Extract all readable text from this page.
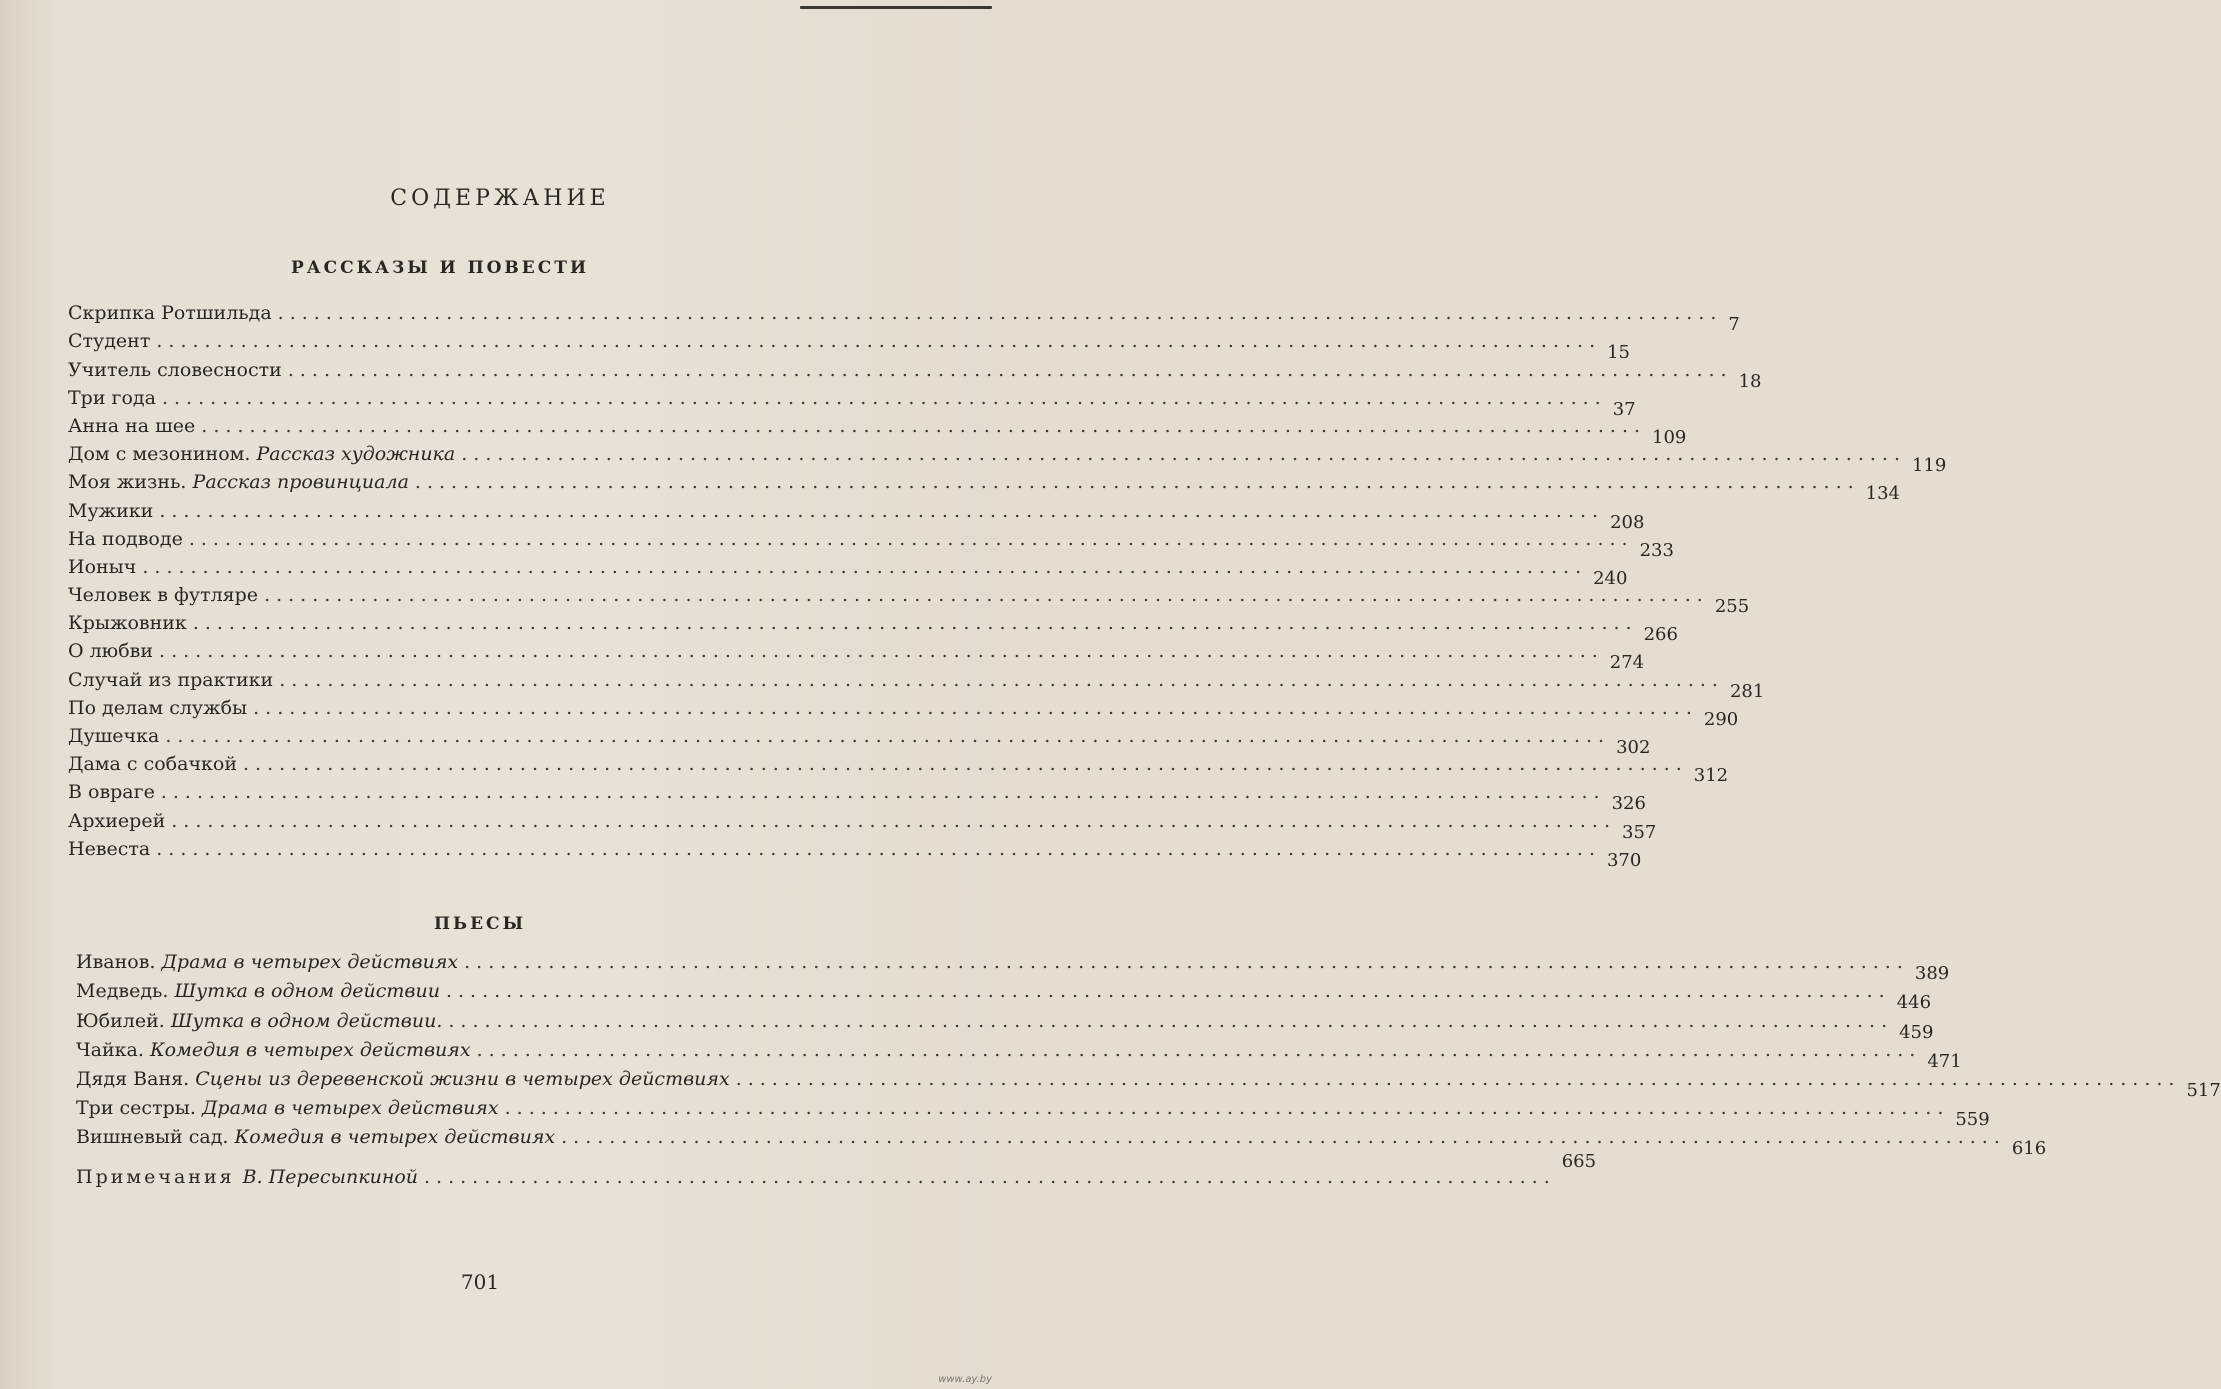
СОДЕРЖАНИЕ
РАССКАЗЫ И ПОВЕСТИ
Скрипка Ротшильда ........................................................................................................................
7
Студент ........................................................................................................................
15
Учитель словесности ........................................................................................................................
18
Три года ........................................................................................................................
37
Анна на шее ........................................................................................................................
109
Дом с мезонином. Рассказ художника ........................................................................................................................
119
Моя жизнь. Рассказ провинциала ........................................................................................................................
134
Мужики ........................................................................................................................
208
На подводе ........................................................................................................................
233
Ионыч ........................................................................................................................
240
Человек в футляре ........................................................................................................................
255
Крыжовник ........................................................................................................................
266
О любви ........................................................................................................................
274
Случай из практики ........................................................................................................................
281
По делам службы ........................................................................................................................
290
Душечка ........................................................................................................................
302
Дама с собачкой ........................................................................................................................
312
В овраге ........................................................................................................................
326
Архиерей ........................................................................................................................
357
Невеста ........................................................................................................................
370
ПЬЕСЫ
Иванов. Драма в четырех действиях ........................................................................................................................
389
Медведь. Шутка в одном действии ........................................................................................................................
446
Юбилей. Шутка в одном действии. ........................................................................................................................
459
Чайка. Комедия в четырех действиях ........................................................................................................................
471
Дядя Ваня. Сцены из деревенской жизни в четырех действиях ........................................................................................................................
517
Три сестры. Драма в четырех действиях ........................................................................................................................
559
Вишневый сад. Комедия в четырех действиях ........................................................................................................................
616
Примечания В. Пересыпкиной ..............................................................................................
665
701
www.ay.by
